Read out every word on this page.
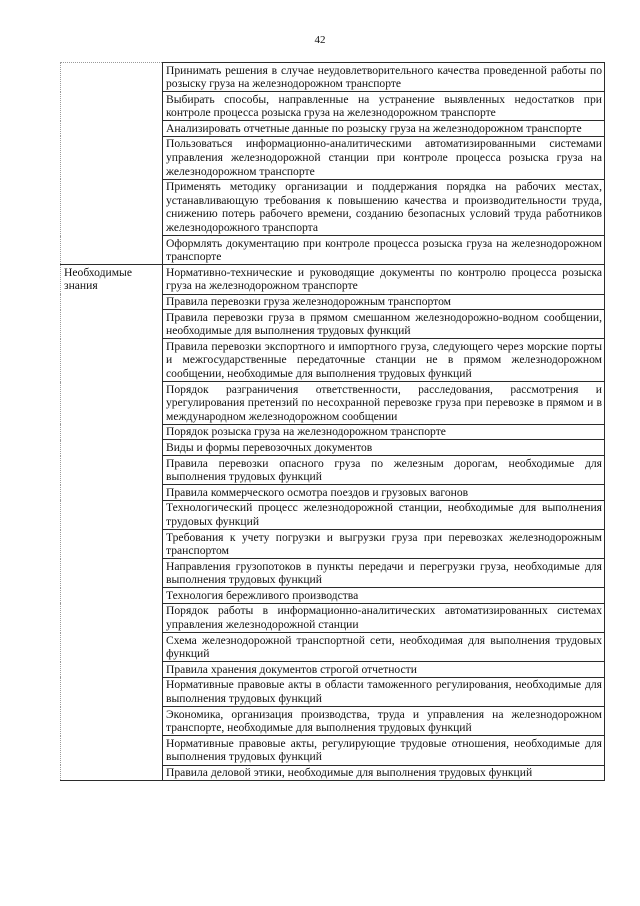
42
	Принимать решения в случае неудовлетворительного качества проведенной работы по розыску груза на железнодорожном транспорте
	Выбирать способы, направленные на устранение выявленных недостатков при контроле процесса розыска груза на железнодорожном транспорте
	Анализировать отчетные данные по розыску груза на железнодорожном транспорте
	Пользоваться информационно-аналитическими автоматизированными системами управления железнодорожной станции при контроле процесса розыска груза на железнодорожном транспорте
	Применять методику организации и поддержания порядка на рабочих местах, устанавливающую требования к повышению качества и производительности труда, снижению потерь рабочего времени, созданию безопасных условий труда работников железнодорожного транспорта
	Оформлять документацию при контроле процесса розыска груза на железнодорожном транспорте
Необходимые знания	Нормативно-технические и руководящие документы по контролю процесса розыска груза на железнодорожном транспорте
	Правила перевозки груза железнодорожным транспортом
	Правила перевозки груза в прямом смешанном железнодорожно-водном сообщении, необходимые для выполнения трудовых функций
	Правила перевозки экспортного и импортного груза, следующего через морские порты и межгосударственные передаточные станции не в прямом железнодорожном сообщении, необходимые для выполнения трудовых функций
	Порядок разграничения ответственности, расследования, рассмотрения и урегулирования претензий по несохранной перевозке груза при перевозке в прямом и в международном железнодорожном сообщении
	Порядок розыска груза на железнодорожном транспорте
	Виды и формы перевозочных документов
	Правила перевозки опасного груза по железным дорогам, необходимые для выполнения трудовых функций
	Правила коммерческого осмотра поездов и грузовых вагонов
	Технологический процесс железнодорожной станции, необходимые для выполнения трудовых функций
	Требования к учету погрузки и выгрузки груза при перевозках железнодорожным транспортом
	Направления грузопотоков в пункты передачи и перегрузки груза, необходимые для выполнения трудовых функций
	Технология бережливого производства
	Порядок работы в информационно-аналитических автоматизированных системах управления железнодорожной станции
	Схема железнодорожной транспортной сети, необходимая для выполнения трудовых функций
	Правила хранения документов строгой отчетности
	Нормативные правовые акты в области таможенного регулирования, необходимые для выполнения трудовых функций
	Экономика, организация производства, труда и управления на железнодорожном транспорте, необходимые для выполнения трудовых функций
	Нормативные правовые акты, регулирующие трудовые отношения, необходимые для выполнения трудовых функций
	Правила деловой этики, необходимые для выполнения трудовых функций
